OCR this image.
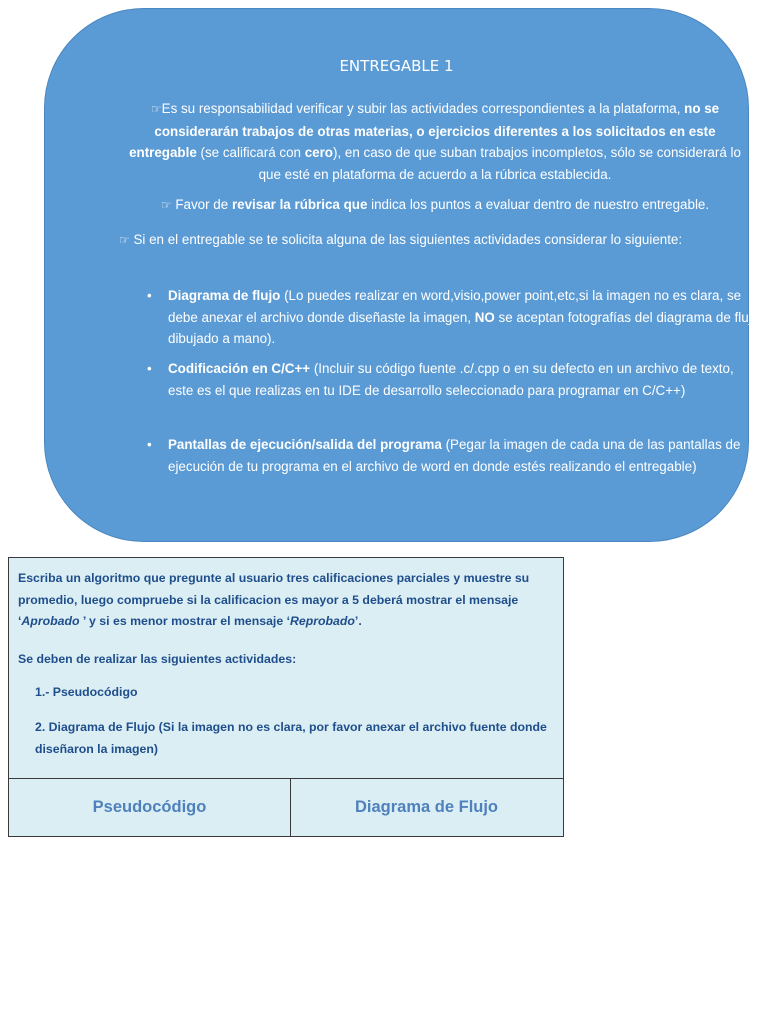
ENTREGABLE 1
☞Es su responsabilidad verificar y subir las actividades correspondientes a la plataforma, no se considerarán trabajos de otras materias, o ejercicios diferentes a los solicitados en este entregable (se calificará con cero), en caso de que suban trabajos incompletos, sólo se considerará lo que esté en plataforma de acuerdo a la rúbrica establecida.
☞ Favor de revisar la rúbrica que indica los puntos a evaluar dentro de nuestro entregable.
☞ Si en el entregable se te solicita alguna de las siguientes actividades considerar lo siguiente:
• Diagrama de flujo (Lo puedes realizar en word,visio,power point,etc,si la imagen no es clara, se debe anexar el archivo donde diseñaste la imagen, NO se aceptan fotografías del diagrama de flujo dibujado a mano).
• Codificación en C/C++ (Incluir su código fuente .c/.cpp o en su defecto en un archivo de texto, este es el que realizas en tu IDE de desarrollo seleccionado para programar en C/C++)
• Pantallas de ejecución/salida del programa (Pegar la imagen de cada una de las pantallas de ejecución de tu programa en el archivo de word en donde estés realizando el entregable)
Escriba un algoritmo que pregunte al usuario tres calificaciones parciales y muestre su promedio, luego compruebe si la calificacion es mayor a 5 deberá mostrar el mensaje ‘Aprobado ’ y si es menor mostrar el mensaje ‘Reprobado’.
Se deben de realizar las siguientes actividades:
1.- Pseudocódigo
2. Diagrama de Flujo (Si la imagen no es clara, por favor anexar el archivo fuente donde diseñaron la imagen)
Pseudocódigo	Diagrama de Flujo
